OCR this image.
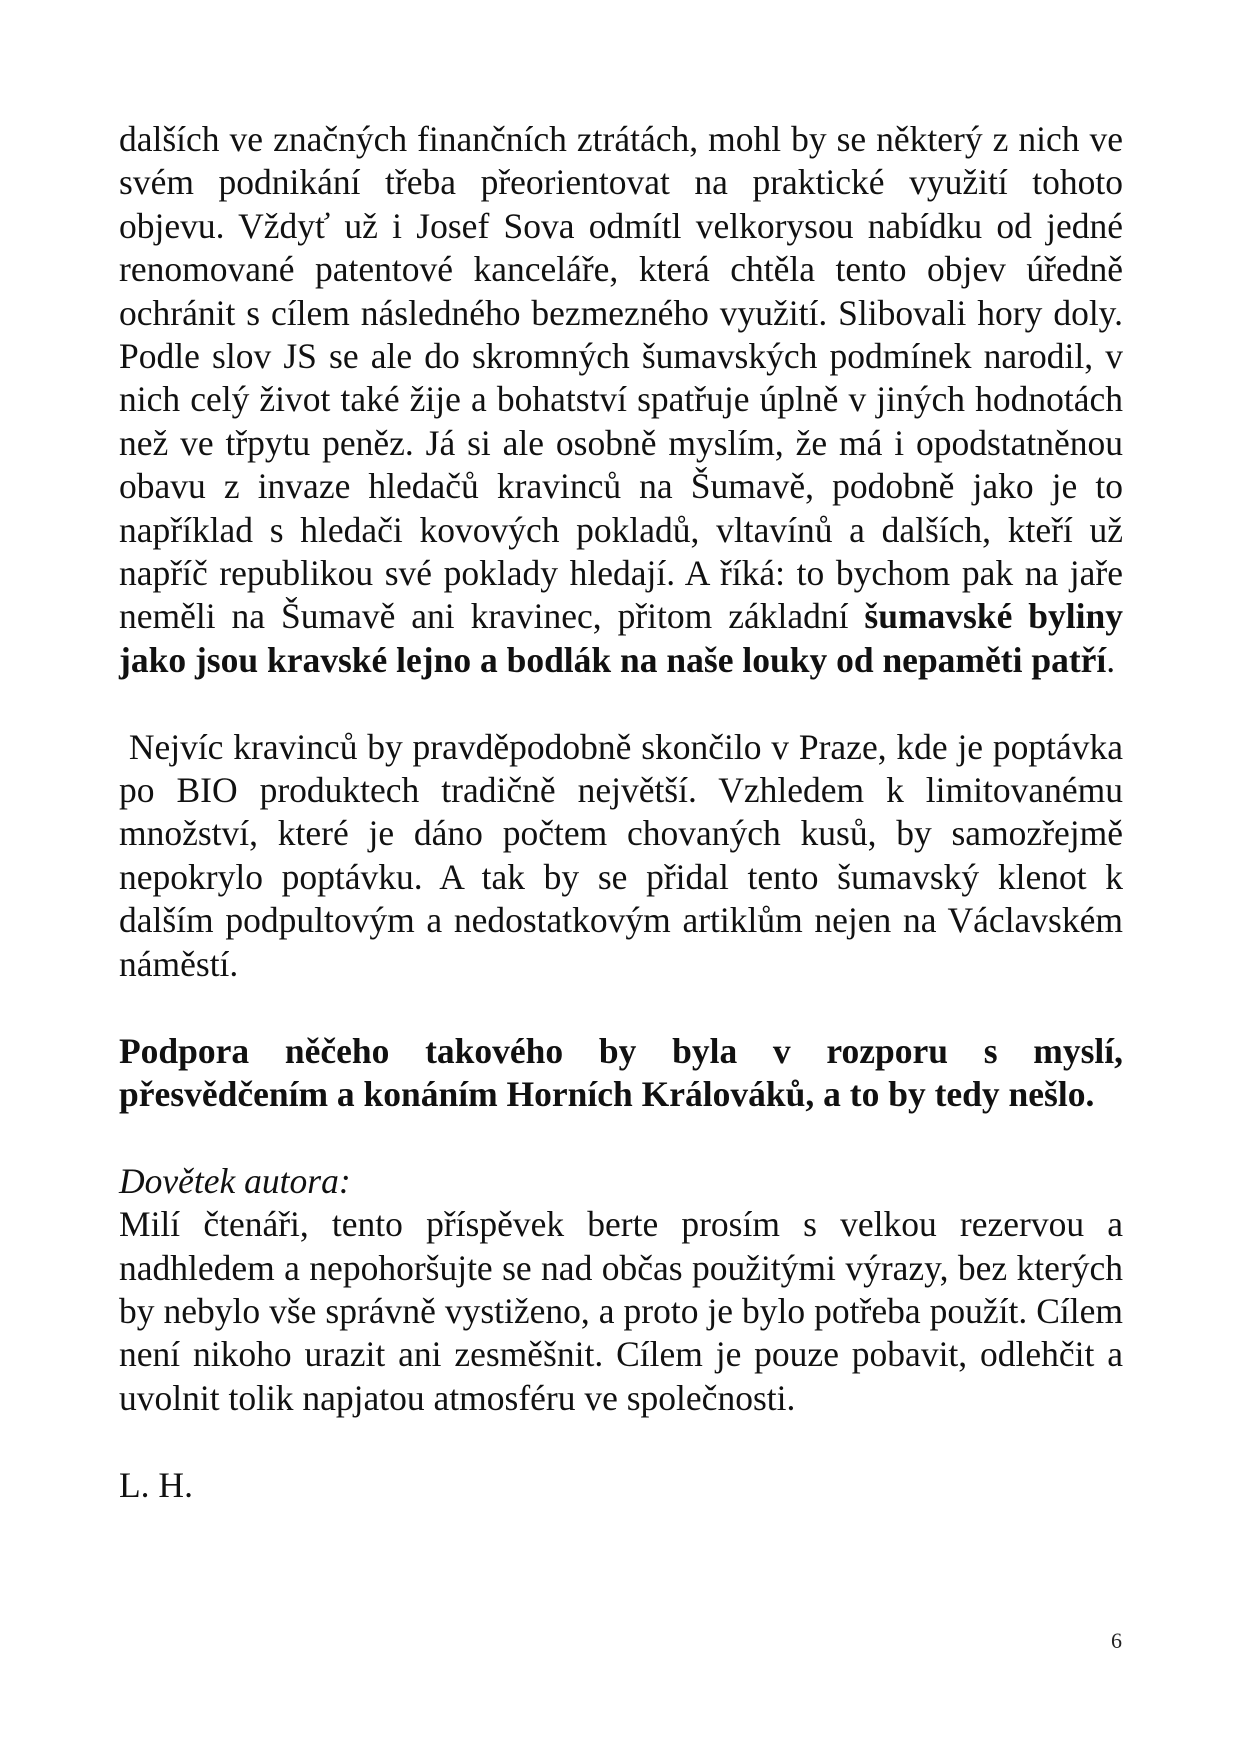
dalších ve značných finančních ztrátách, mohl by se některý z nich ve svém podnikání třeba přeorientovat na praktické využití tohoto objevu. Vždyť už i Josef Sova odmítl velkorysou nabídku od jedné renomované patentové kanceláře, která chtěla tento objev úředně ochránit s cílem následného bezmezného využití. Slibovali hory doly. Podle slov JS se ale do skromných šumavských podmínek narodil, v nich celý život také žije a bohatství spatřuje úplně v jiných hodnotách než ve třpytu peněz. Já si ale osobně myslím, že má i opodstatněnou obavu z invaze hledačů kravinců na Šumavě, podobně jako je to například s hledači kovových pokladů, vltavínů a dalších, kteří už napříč republikou své poklady hledají. A říká: to bychom pak na jaře neměli na Šumavě ani kravinec, přitom základní šumavské byliny jako jsou kravské lejno a bodlák na naše louky od nepaměti patří.

Nejvíc kravinců by pravděpodobně skončilo v Praze, kde je poptávka po BIO produktech tradičně největší. Vzhledem k limitovanému množství, které je dáno počtem chovaných kusů, by samozřejmě nepokrylo poptávku. A tak by se přidal tento šumavský klenot k dalším podpultovým a nedostatkovým artiklům nejen na Václavském náměstí.

Podpora něčeho takového by byla v rozporu s myslí, přesvědčením a konáním Horních Králováků, a to by tedy nešlo.

Dovětek autora:

Milí čtenáři, tento příspěvek berte prosím s velkou rezervou a nadhledem a nepohoršujte se nad občas použitými výrazy, bez kterých by nebylo vše správně vystiženo, a proto je bylo potřeba použít. Cílem není nikoho urazit ani zesměšnit. Cílem je pouze pobavit, odlehčit a uvolnit tolik napjatou atmosféru ve společnosti.

L. H.

6
